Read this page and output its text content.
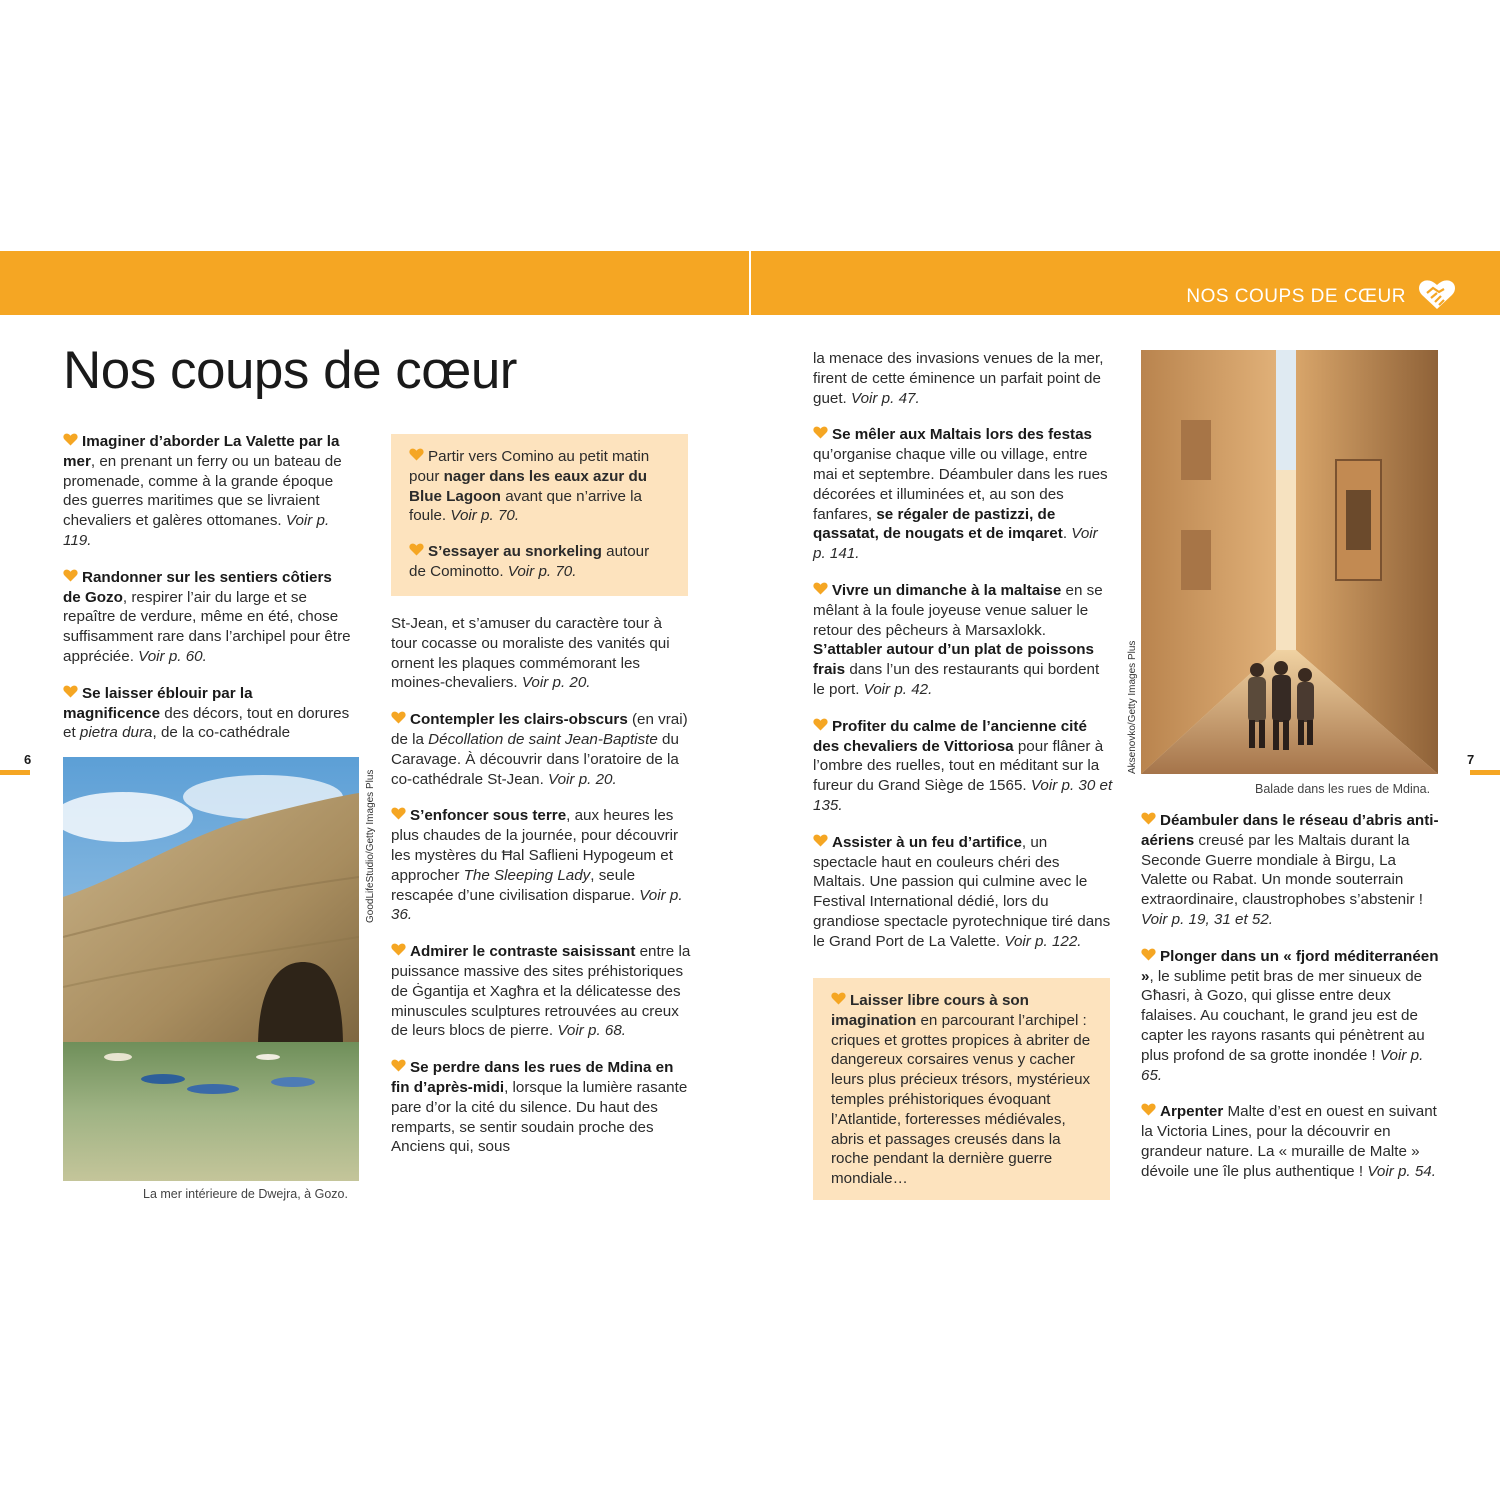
NOS COUPS DE CŒUR
Nos coups de cœur

Imaginer d’aborder La Valette par la mer, en prenant un ferry ou un bateau de promenade, comme à la grande époque des guerres maritimes que se livraient chevaliers et galères ottomanes. Voir p. 119.

Randonner sur les sentiers côtiers de Gozo, respirer l’air du large et se repaître de verdure, même en été, chose suffisamment rare dans l’archipel pour être appréciée. Voir p. 60.

Se laisser éblouir par la magnificence des décors, tout en dorures et pietra dura, de la co-cathédrale

GoodLifeStudio/Getty Images Plus
La mer intérieure de Dwejra, à Gozo.

Partir vers Comino au petit matin pour nager dans les eaux azur du Blue Lagoon avant que n’arrive la foule. Voir p. 70.

S’essayer au snorkeling autour de Cominotto. Voir p. 70.

St-Jean, et s’amuser du caractère tour à tour cocasse ou moraliste des vanités qui ornent les plaques commémorant les moines-chevaliers. Voir p. 20.

Contempler les clairs-obscurs (en vrai) de la Décollation de saint Jean-Baptiste du Caravage. À découvrir dans l’oratoire de la co-cathédrale St-Jean. Voir p. 20.

S’enfoncer sous terre, aux heures les plus chaudes de la journée, pour découvrir les mystères du Ħal Saflieni Hypogeum et approcher The Sleeping Lady, seule rescapée d’une civilisation disparue. Voir p. 36.

Admirer le contraste saisissant entre la puissance massive des sites préhistoriques de Ġgantija et Xagħra et la délicatesse des minuscules sculptures retrouvées au creux de leurs blocs de pierre. Voir p. 68.

Se perdre dans les rues de Mdina en fin d’après-midi, lorsque la lumière rasante pare d’or la cité du silence. Du haut des remparts, se sentir soudain proche des Anciens qui, sous

la menace des invasions venues de la mer, firent de cette éminence un parfait point de guet. Voir p. 47.

Se mêler aux Maltais lors des festas qu’organise chaque ville ou village, entre mai et septembre. Déambuler dans les rues décorées et illuminées et, au son des fanfares, se régaler de pastizzi, de qassatat, de nougats et de imqaret. Voir p. 141.

Vivre un dimanche à la maltaise en se mêlant à la foule joyeuse venue saluer le retour des pêcheurs à Marsaxlokk. S’attabler autour d’un plat de poissons frais dans l’un des restaurants qui bordent le port. Voir p. 42.

Profiter du calme de l’ancienne cité des chevaliers de Vittoriosa pour flâner à l’ombre des ruelles, tout en méditant sur la fureur du Grand Siège de 1565. Voir p. 30 et 135.

Assister à un feu d’artifice, un spectacle haut en couleurs chéri des Maltais. Une passion qui culmine avec le Festival International dédié, lors du grandiose spectacle pyrotechnique tiré dans le Grand Port de La Valette. Voir p. 122.

Laisser libre cours à son imagination en parcourant l’archipel : criques et grottes propices à abriter de dangereux corsaires venus y cacher leurs plus précieux trésors, mystérieux temples préhistoriques évoquant l’Atlantide, forteresses médiévales, abris et passages creusés dans la roche pendant la dernière guerre mondiale…

Aksenovko/Getty Images Plus
Balade dans les rues de Mdina.

Déambuler dans le réseau d’abris anti-aériens creusé par les Maltais durant la Seconde Guerre mondiale à Birgu, La Valette ou Rabat. Un monde souterrain extraordinaire, claustrophobes s’abstenir ! Voir p. 19, 31 et 52.

Plonger dans un « fjord méditerranéen », le sublime petit bras de mer sinueux de Għasri, à Gozo, qui glisse entre deux falaises. Au couchant, le grand jeu est de capter les rayons rasants qui pénètrent au plus profond de sa grotte inondée ! Voir p. 65.

Arpenter Malte d’est en ouest en suivant la Victoria Lines, pour la découvrir en grandeur nature. La « muraille de Malte » dévoile une île plus authentique ! Voir p. 54.

6	7
